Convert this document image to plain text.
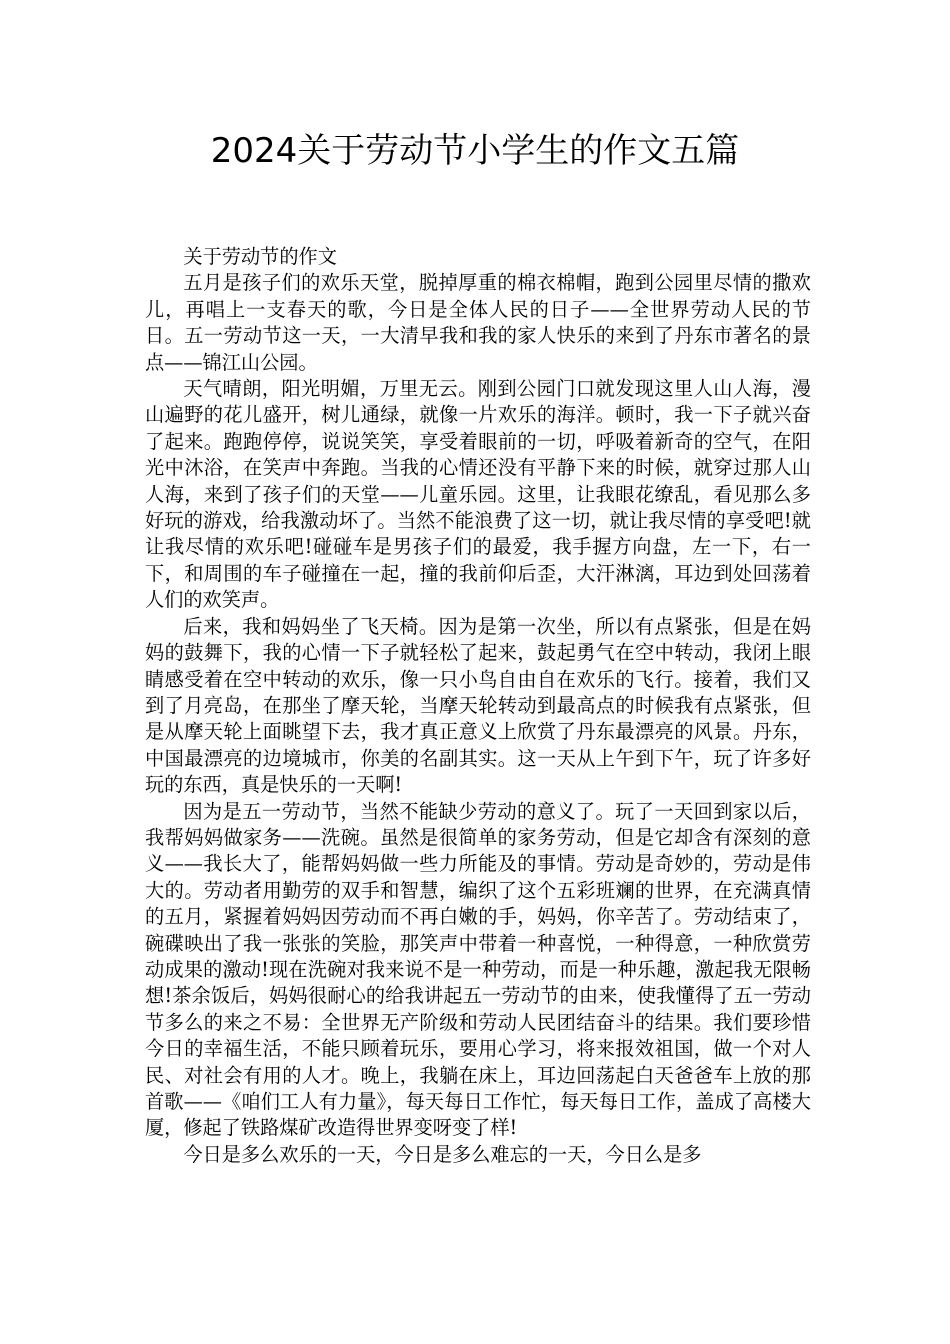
2024关于劳动节小学生的作文五篇

关于劳动节的作文

五月是孩子们的欢乐天堂，脱掉厚重的棉衣棉帽，跑到公园里尽情的撒欢儿，再唱上一支春天的歌，今日是全体人民的日子——全世界劳动人民的节日。五一劳动节这一天，一大清早我和我的家人快乐的来到了丹东市著名的景点——锦江山公园。

天气晴朗，阳光明媚，万里无云。刚到公园门口就发现这里人山人海，漫山遍野的花儿盛开，树儿通绿，就像一片欢乐的海洋。顿时，我一下子就兴奋了起来。跑跑停停，说说笑笑，享受着眼前的一切，呼吸着新奇的空气，在阳光中沐浴，在笑声中奔跑。当我的心情还没有平静下来的时候，就穿过那人山人海，来到了孩子们的天堂——儿童乐园。这里，让我眼花缭乱，看见那么多好玩的游戏，给我激动坏了。当然不能浪费了这一切，就让我尽情的享受吧!就让我尽情的欢乐吧!碰碰车是男孩子们的最爱，我手握方向盘，左一下，右一下，和周围的车子碰撞在一起，撞的我前仰后歪，大汗淋漓，耳边到处回荡着人们的欢笑声。

后来，我和妈妈坐了飞天椅。因为是第一次坐，所以有点紧张，但是在妈妈的鼓舞下，我的心情一下子就轻松了起来，鼓起勇气在空中转动，我闭上眼睛感受着在空中转动的欢乐，像一只小鸟自由自在欢乐的飞行。接着，我们又到了月亮岛，在那坐了摩天轮，当摩天轮转动到最高点的时候我有点紧张，但是从摩天轮上面眺望下去，我才真正意义上欣赏了丹东最漂亮的风景。丹东，中国最漂亮的边境城市，你美的名副其实。这一天从上午到下午，玩了许多好玩的东西，真是快乐的一天啊!

因为是五一劳动节，当然不能缺少劳动的意义了。玩了一天回到家以后，我帮妈妈做家务——洗碗。虽然是很简单的家务劳动，但是它却含有深刻的意义——我长大了，能帮妈妈做一些力所能及的事情。劳动是奇妙的，劳动是伟大的。劳动者用勤劳的双手和智慧，编织了这个五彩班斓的世界，在充满真情的五月，紧握着妈妈因劳动而不再白嫩的手，妈妈，你辛苦了。劳动结束了，碗碟映出了我一张张的笑脸，那笑声中带着一种喜悦，一种得意，一种欣赏劳动成果的激动!现在洗碗对我来说不是一种劳动，而是一种乐趣，激起我无限畅想!茶余饭后，妈妈很耐心的给我讲起五一劳动节的由来，使我懂得了五一劳动节多么的来之不易：全世界无产阶级和劳动人民团结奋斗的结果。我们要珍惜今日的幸福生活，不能只顾着玩乐，要用心学习，将来报效祖国，做一个对人民、对社会有用的人才。晚上，我躺在床上，耳边回荡起白天爸爸车上放的那首歌——《咱们工人有力量》，每天每日工作忙，每天每日工作，盖成了高楼大厦，修起了铁路煤矿改造得世界变呀变了样!

今日是多么欢乐的一天，今日是多么难忘的一天，今日么是多
